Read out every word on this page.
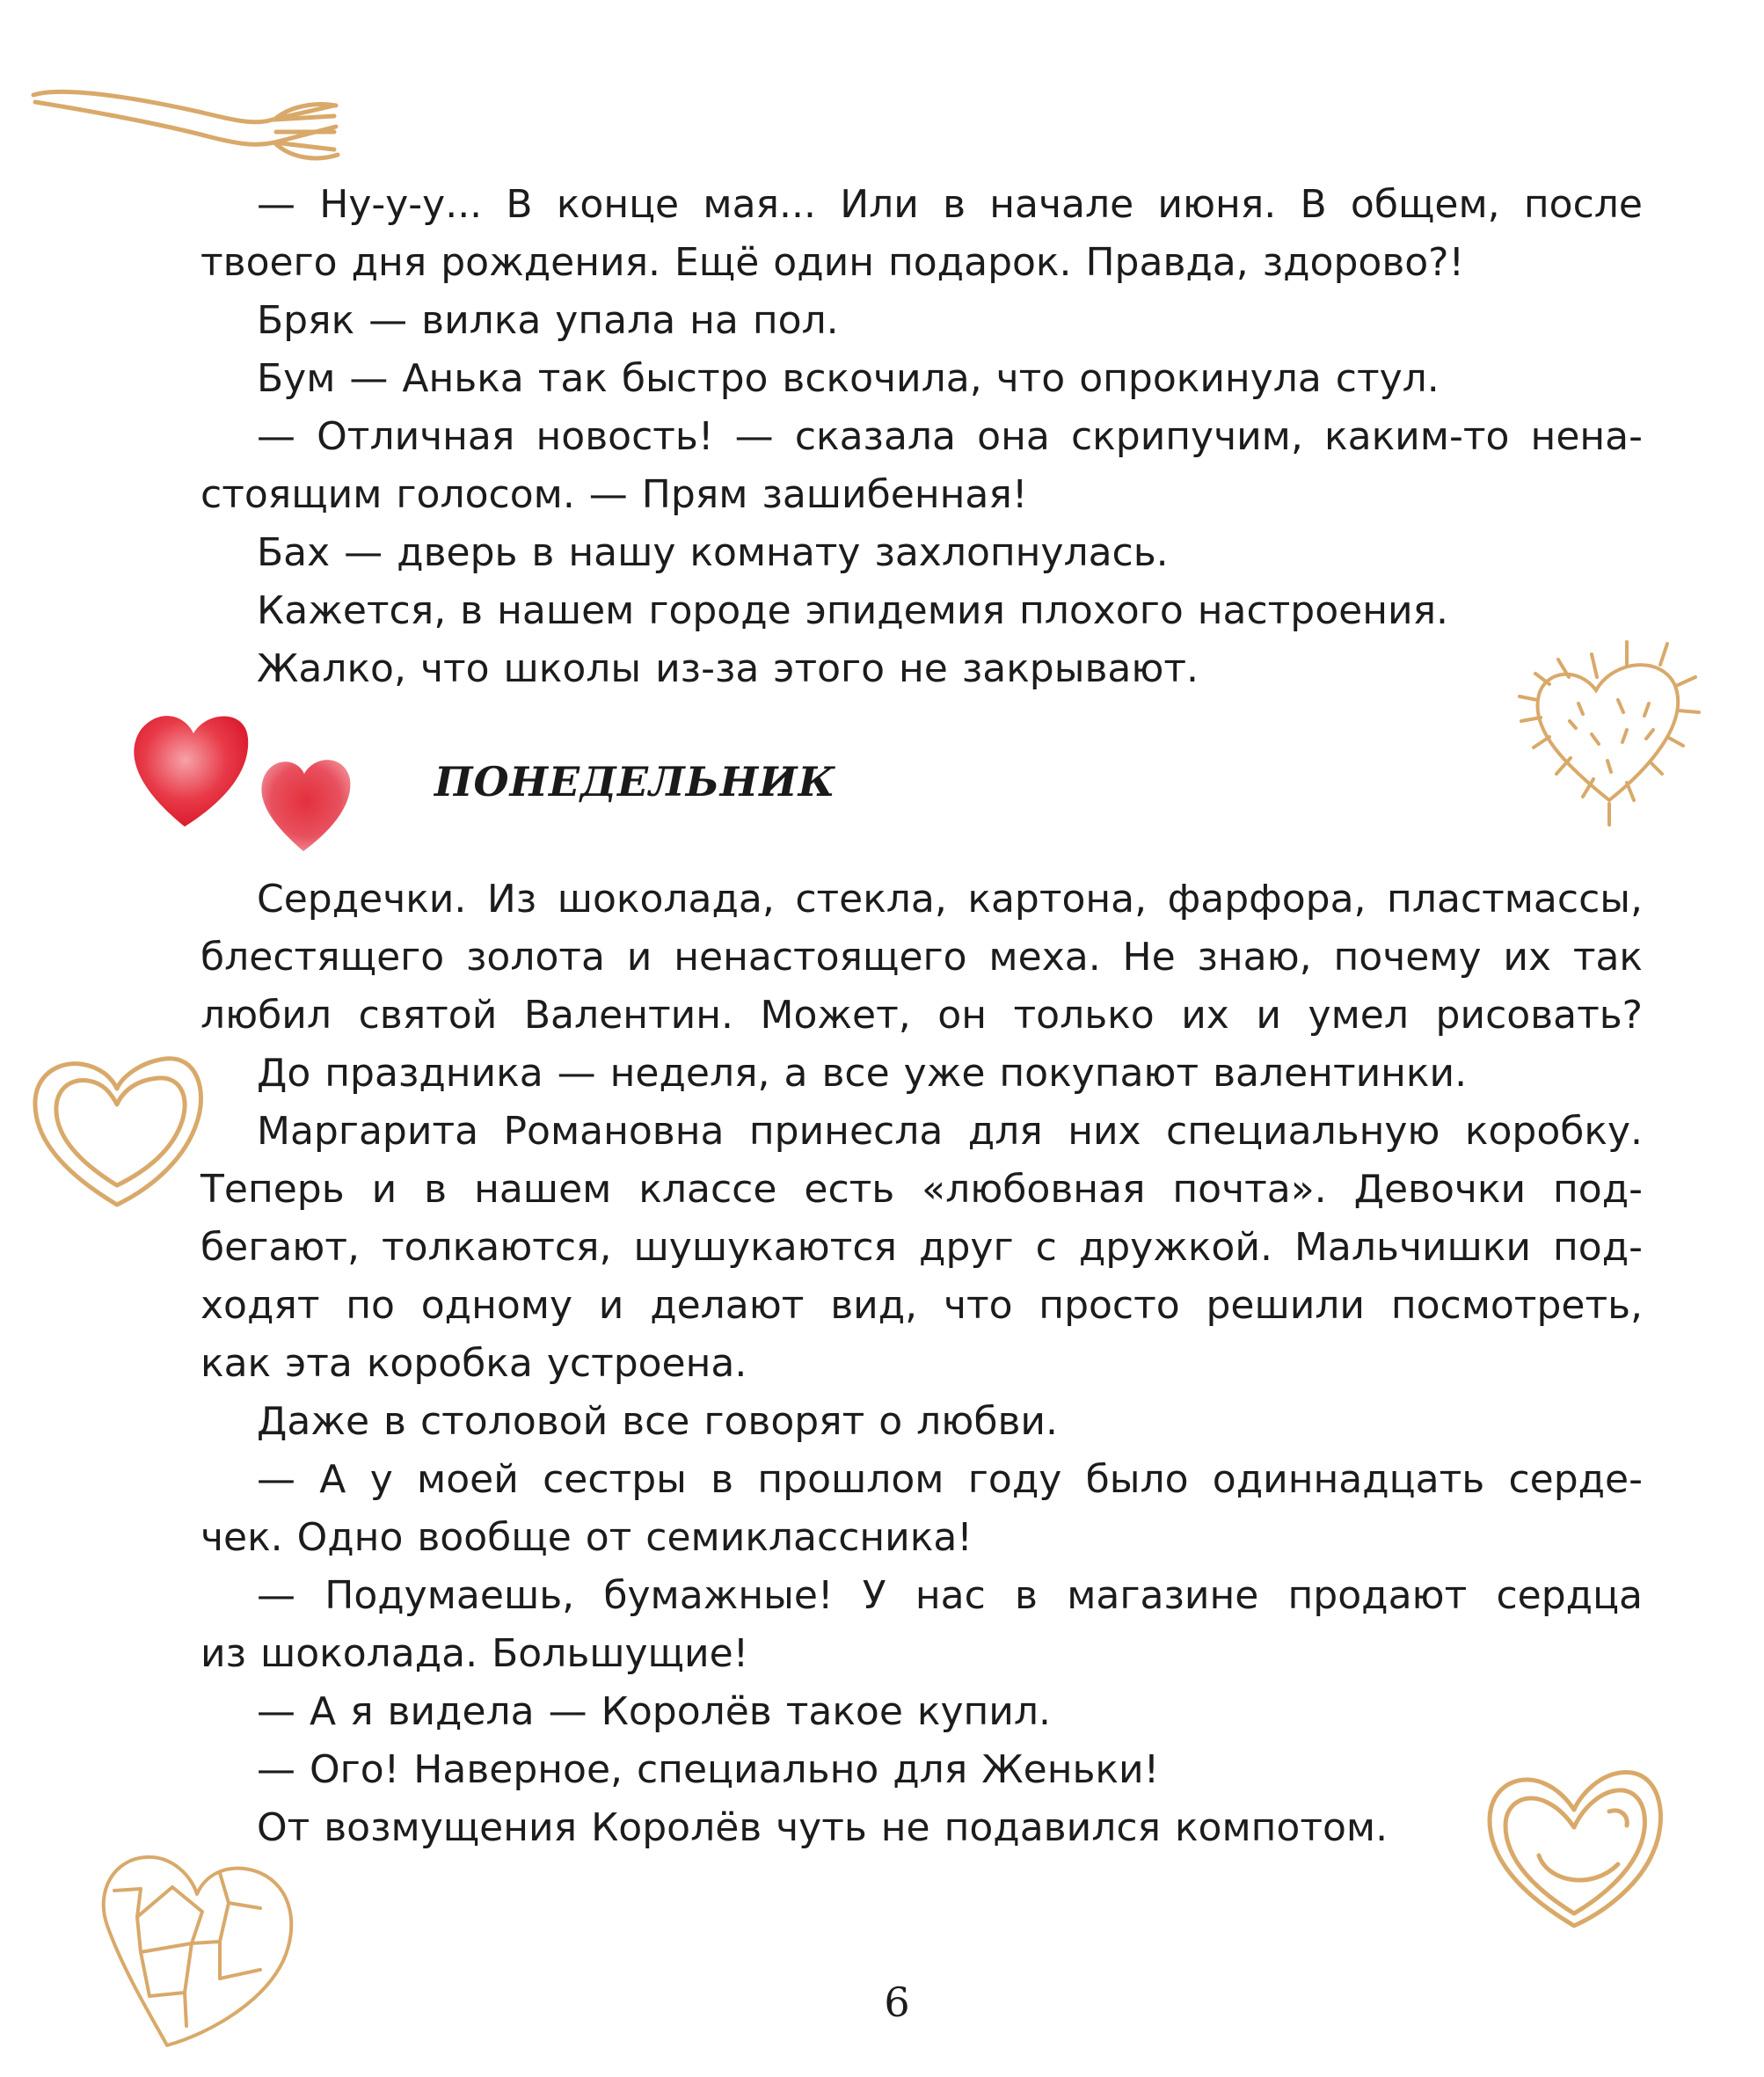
— Ну-у-у... В конце мая... Или в начале июня. В общем, после
твоего дня рождения. Ещё один подарок. Правда, здорово?!
Бряк — вилка упала на пол.
Бум — Анька так быстро вскочила, что опрокинула стул.
— Отличная новость! — сказала она скрипучим, каким-то нена-
стоящим голосом. — Прям зашибенная!
Бах — дверь в нашу комнату захлопнулась.
Кажется, в нашем городе эпидемия плохого настроения.
Жалко, что школы из-за этого не закрывают.
ПОНЕДЕЛЬНИК
Сердечки. Из шоколада, стекла, картона, фарфора, пластмассы,
блестящего золота и ненастоящего меха. Не знаю, почему их так
любил святой Валентин. Может, он только их и умел рисовать?
До праздника — неделя, а все уже покупают валентинки.
Маргарита Романовна принесла для них специальную коробку.
Теперь и в нашем классе есть «любовная почта». Девочки под-
бегают, толкаются, шушукаются друг с дружкой. Мальчишки под-
ходят по одному и делают вид, что просто решили посмотреть,
как эта коробка устроена.
Даже в столовой все говорят о любви.
— А у моей сестры в прошлом году было одиннадцать серде-
чек. Одно вообще от семиклассника!
— Подумаешь, бумажные! У нас в магазине продают сердца
из шоколада. Большущие!
— А я видела — Королёв такое купил.
— Ого! Наверное, специально для Женьки!
От возмущения Королёв чуть не подавился компотом.
6
